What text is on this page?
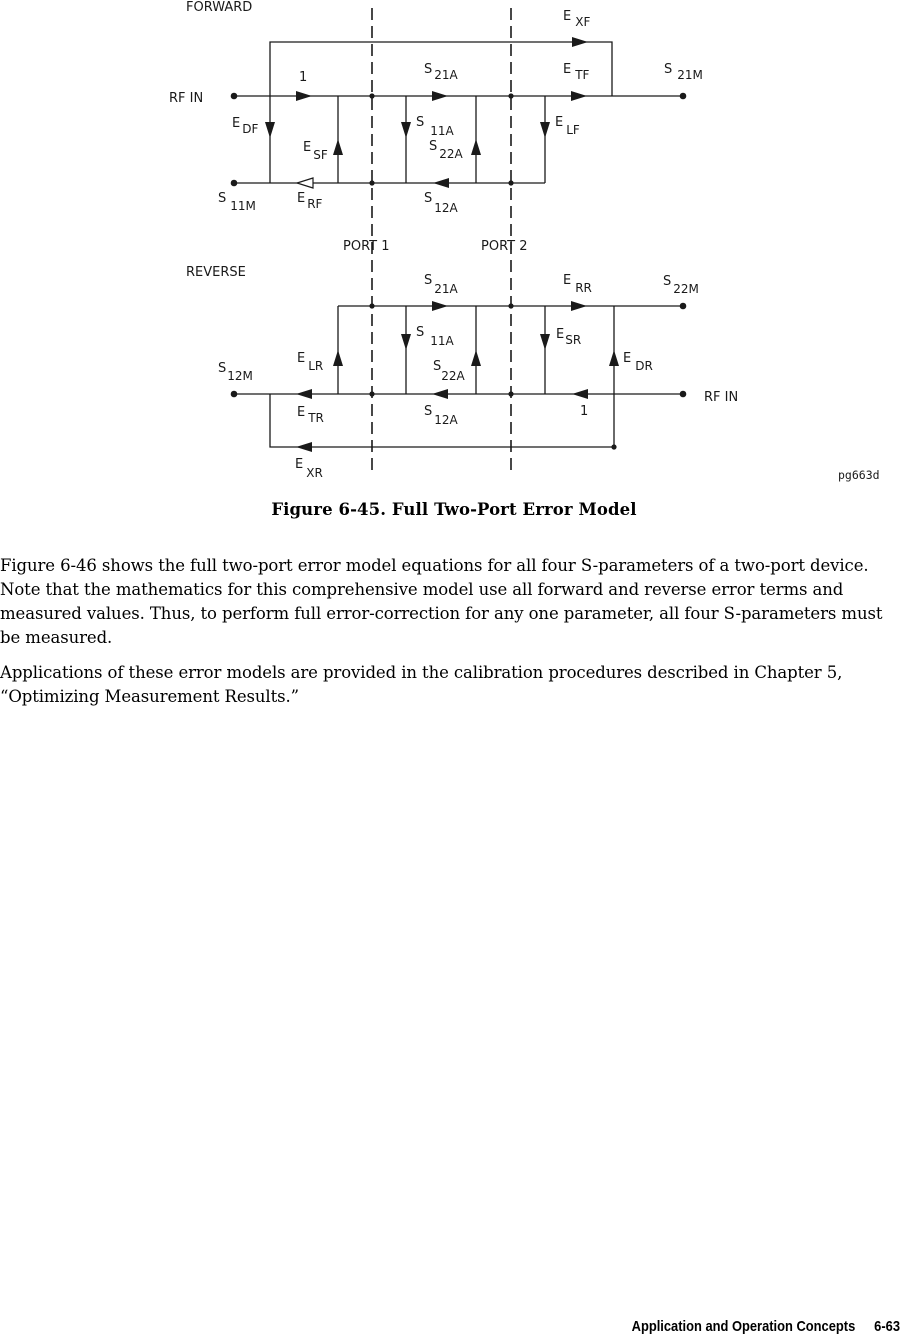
FORWARD
RF IN
1
E XF
S 21A	E TF	S 21M
E DF	S11A
E LF
E SF
S 22A
S 11M	E RF	S12A
PORT 1	PORT 2
REVERSE
RF IN
1
S21A
E RR	S 22M
S11A	ESR
E LR	E DR
S12M
S22A
E TR	S12A
EXR	pg663d
Figure 6-45. Full Two-Port Error Model

Figure 6-46 shows the full two-port error model equations for all four S-parameters of a two-port device. Note that the mathematics for this comprehensive model use all forward and reverse error terms and measured values. Thus, to perform full error-correction for any one parameter, all four S-parameters must be measured.

Applications of these error models are provided in the calibration procedures described in Chapter 5, “Optimizing Measurement Results.”

Application and Operation Concepts 6-63
